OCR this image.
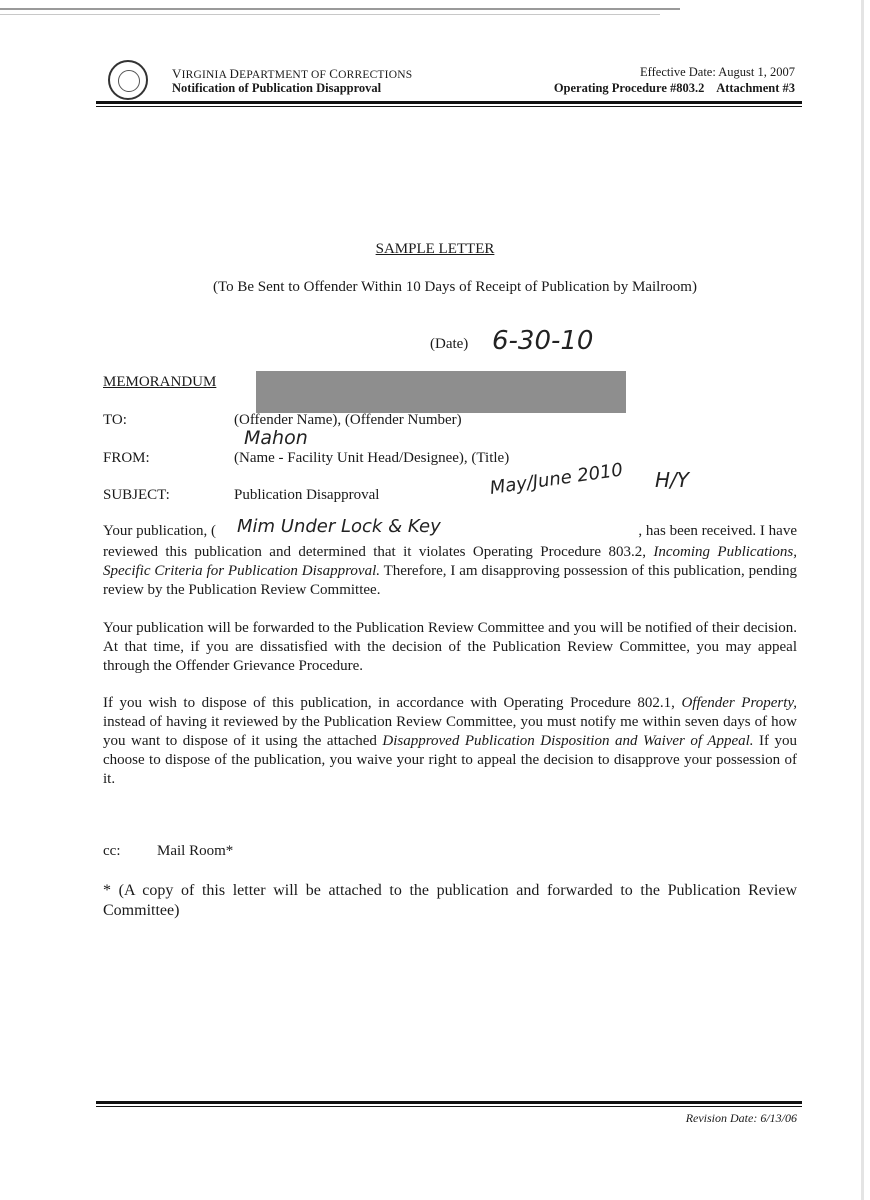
VIRGINIA DEPARTMENT OF CORRECTIONS
Notification of Publication Disapproval
Effective Date: August 1, 2007
Operating Procedure #803.2 Attachment #3
SAMPLE LETTER
(To Be Sent to Offender Within 10 Days of Receipt of Publication by Mailroom)
(Date) 6-30-10
MEMORANDUM
TO:	(Offender Name), (Offender Number)
Mahon
FROM:	(Name - Facility Unit Head/Designee), (Title)
SUBJECT:	Publication Disapproval	May/June 2010 H/Y
Your publication, (	, has been received. I have
Mim Under Lock & Key
reviewed this publication and determined that it violates Operating Procedure 803.2, Incoming Publications, Specific Criteria for Publication Disapproval. Therefore, I am disapproving possession of this publication, pending review by the Publication Review Committee.
Your publication will be forwarded to the Publication Review Committee and you will be notified of their decision. At that time, if you are dissatisfied with the decision of the Publication Review Committee, you may appeal through the Offender Grievance Procedure.
If you wish to dispose of this publication, in accordance with Operating Procedure 802.1, Offender Property, instead of having it reviewed by the Publication Review Committee, you must notify me within seven days of how you want to dispose of it using the attached Disapproved Publication Disposition and Waiver of Appeal. If you choose to dispose of the publication, you waive your right to appeal the decision to disapprove your possession of it.
cc: Mail Room*
* (A copy of this letter will be attached to the publication and forwarded to the Publication Review Committee)
Revision Date: 6/13/06
